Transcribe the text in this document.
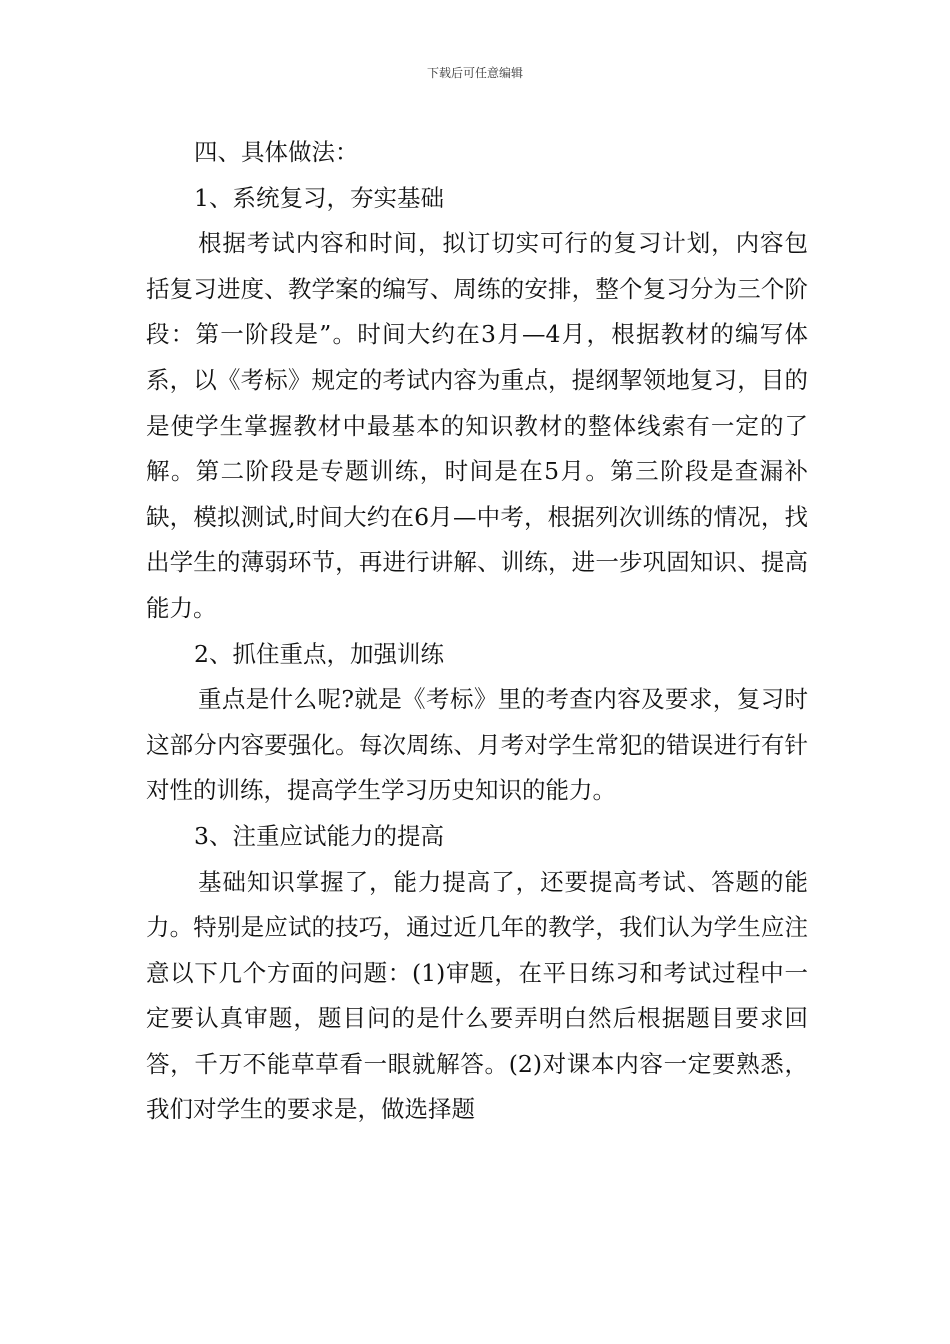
下载后可任意编辑

四、具体做法：

1、系统复习，夯实基础

根据考试内容和时间，拟订切实可行的复习计划，内容包括复习进度、教学案的编写、周练的安排，整个复习分为三个阶段：第一阶段是”。时间大约在3月—4月，根据教材的编写体系，以《考标》规定的考试内容为重点，提纲挈领地复习，目的是使学生掌握教材中最基本的知识教材的整体线索有一定的了解。第二阶段是专题训练，时间是在5月。第三阶段是查漏补缺，模拟测试,时间大约在6月—中考，根据列次训练的情况，找出学生的薄弱环节，再进行讲解、训练，进一步巩固知识、提高能力。

2、抓住重点，加强训练

重点是什么呢?就是《考标》里的考查内容及要求，复习时这部分内容要强化。每次周练、月考对学生常犯的错误进行有针对性的训练，提高学生学习历史知识的能力。

3、注重应试能力的提高

基础知识掌握了，能力提高了，还要提高考试、答题的能力。特别是应试的技巧，通过近几年的教学，我们认为学生应注意以下几个方面的问题：(1)审题，在平日练习和考试过程中一定要认真审题，题目问的是什么要弄明白然后根据题目要求回答，千万不能草草看一眼就解答。(2)对课本内容一定要熟悉，我们对学生的要求是，做选择题
